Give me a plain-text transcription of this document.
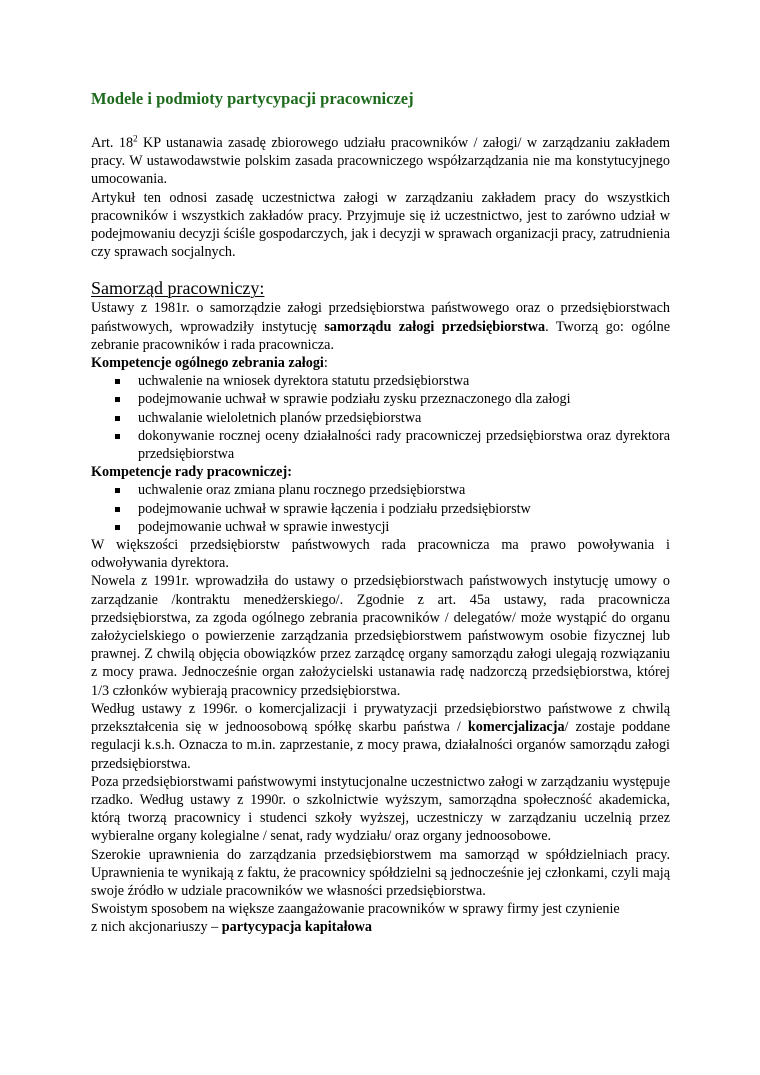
Modele i podmioty partycypacji pracowniczej

Art. $18^2$ KP ustanawia zasadę zbiorowego udziału pracowników / załogi/ w zarządzaniu zakładem pracy. W ustawodawstwie polskim zasada pracowniczego współzarządzania nie ma konstytucyjnego umocowania.

Artykuł ten odnosi zasadę uczestnictwa załogi w zarządzaniu zakładem pracy do wszystkich pracowników i wszystkich zakładów pracy. Przyjmuje się iż uczestnictwo, jest to zarówno udział w podejmowaniu decyzji ściśle gospodarczych, jak i decyzji w sprawach organizacji pracy, zatrudnienia czy sprawach socjalnych.

Samorząd pracowniczy:

Ustawy z 1981r. o samorządzie załogi przedsiębiorstwa państwowego oraz o przedsiębiorstwach państwowych, wprowadziły instytucję samorządu załogi przedsiębiorstwa. Tworzą go: ogólne zebranie pracowników i rada pracownicza.

Kompetencje ogólnego zebrania załogi:

uchwalenie na wniosek dyrektora statutu przedsiębiorstwa
podejmowanie uchwał w sprawie podziału zysku przeznaczonego dla załogi
uchwalanie wieloletnich planów przedsiębiorstwa
dokonywanie rocznej oceny działalności rady pracowniczej przedsiębiorstwa oraz dyrektora przedsiębiorstwa

Kompetencje rady pracowniczej:

uchwalenie oraz zmiana planu rocznego przedsiębiorstwa
podejmowanie uchwał w sprawie łączenia i podziału przedsiębiorstw
podejmowanie uchwał w sprawie inwestycji

W większości przedsiębiorstw państwowych rada pracownicza ma prawo powoływania i odwoływania dyrektora.

Nowela z 1991r. wprowadziła do ustawy o przedsiębiorstwach państwowych instytucję umowy o zarządzanie /kontraktu menedżerskiego/. Zgodnie z art. 45a ustawy, rada pracownicza przedsiębiorstwa, za zgoda ogólnego zebrania pracowników / delegatów/ może wystąpić do organu założycielskiego o powierzenie zarządzania przedsiębiorstwem państwowym osobie fizycznej lub prawnej. Z chwilą objęcia obowiązków przez zarządcę organy samorządu załogi ulegają rozwiązaniu z mocy prawa. Jednocześnie organ założycielski ustanawia radę nadzorczą przedsiębiorstwa, której 1/3 członków wybierają pracownicy przedsiębiorstwa.

Według ustawy z 1996r. o komercjalizacji i prywatyzacji przedsiębiorstwo państwowe z chwilą przekształcenia się w jednoosobową spółkę skarbu państwa / komercjalizacja/ zostaje poddane regulacji k.s.h. Oznacza to m.in. zaprzestanie, z mocy prawa, działalności organów samorządu załogi przedsiębiorstwa.

Poza przedsiębiorstwami państwowymi instytucjonalne uczestnictwo załogi w zarządzaniu występuje rzadko. Według ustawy z 1990r. o szkolnictwie wyższym, samorządna społeczność akademicka, którą tworzą pracownicy i studenci szkoły wyższej, uczestniczy w zarządzaniu uczelnią przez wybieralne organy kolegialne / senat, rady wydziału/ oraz organy jednoosobowe.

Szerokie uprawnienia do zarządzania przedsiębiorstwem ma samorząd w spółdzielniach pracy. Uprawnienia te wynikają z faktu, że pracownicy spółdzielni są jednocześnie jej członkami, czyli mają swoje źródło w udziale pracowników we własności przedsiębiorstwa.

Swoistym sposobem na większe zaangażowanie pracowników w sprawy firmy jest czynienie

z nich akcjonariuszy – partycypacja kapitałowa
